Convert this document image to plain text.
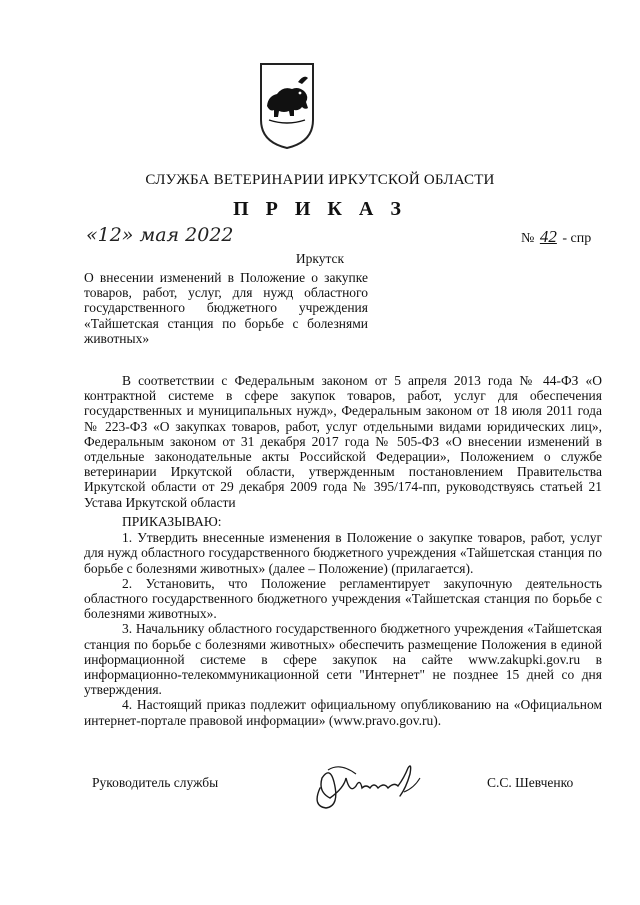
СЛУЖБА ВЕТЕРИНАРИИ ИРКУТСКОЙ ОБЛАСТИ
П Р И К А З
«12» мая 2022	№ 42 - спр
Иркутск
О внесении изменений в Положение о закупке товаров, работ, услуг, для нужд областного государственного бюджетного учреждения «Тайшетская станция по борьбе с болезнями животных»

В соответствии с Федеральным законом от 5 апреля 2013 года № 44-ФЗ «О контрактной системе в сфере закупок товаров, работ, услуг для обеспечения государственных и муниципальных нужд», Федеральным законом от 18 июля 2011 года № 223-ФЗ «О закупках товаров, работ, услуг отдельными видами юридических лиц», Федеральным законом от 31 декабря 2017 года № 505-ФЗ «О внесении изменений в отдельные законодательные акты Российской Федерации», Положением о службе ветеринарии Иркутской области, утвержденным постановлением Правительства Иркутской области от 29 декабря 2009 года № 395/174-пп, руководствуясь статьей 21 Устава Иркутской области

ПРИКАЗЫВАЮ:

1. Утвердить внесенные изменения в Положение о закупке товаров, работ, услуг для нужд областного государственного бюджетного учреждения «Тайшетская станция по борьбе с болезнями животных» (далее – Положение) (прилагается).

2. Установить, что Положение регламентирует закупочную деятельность областного государственного бюджетного учреждения «Тайшетская станция по борьбе с болезнями животных».

3. Начальнику областного государственного бюджетного учреждения «Тайшетская станция по борьбе с болезнями животных» обеспечить размещение Положения в единой информационной системе в сфере закупок на сайте www.zakupki.gov.ru в информационно-телекоммуникационной сети "Интернет" не позднее 15 дней со дня утверждения.

4. Настоящий приказ подлежит официальному опубликованию на «Официальном интернет-портале правовой информации» (www.pravo.gov.ru).

Руководитель службы	С.С. Шевченко
